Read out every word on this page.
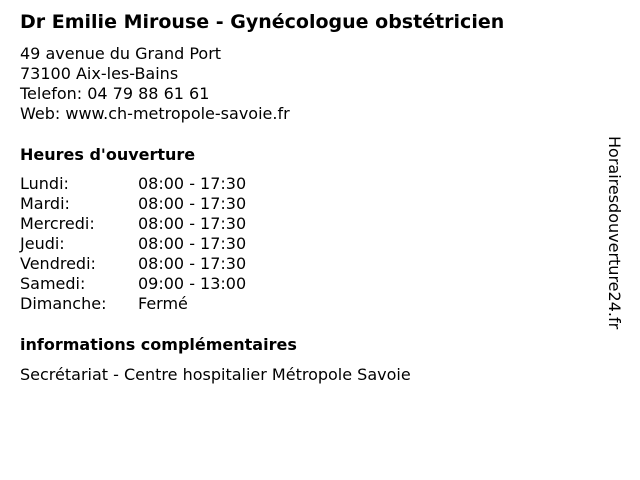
Dr Emilie Mirouse - Gynécologue obstétricien
49 avenue du Grand Port
73100 Aix-les-Bains
Telefon: 04 79 88 61 61
Web: www.ch-metropole-savoie.fr
Heures d'ouverture
Lundi:	08:00 - 17:30
Mardi:	08:00 - 17:30
Mercredi:	08:00 - 17:30
Jeudi:	08:00 - 17:30
Vendredi:	08:00 - 17:30
Samedi:	09:00 - 13:00
Dimanche:	Fermé
informations complémentaires
Secrétariat - Centre hospitalier Métropole Savoie
Horairesdouverture24.fr
